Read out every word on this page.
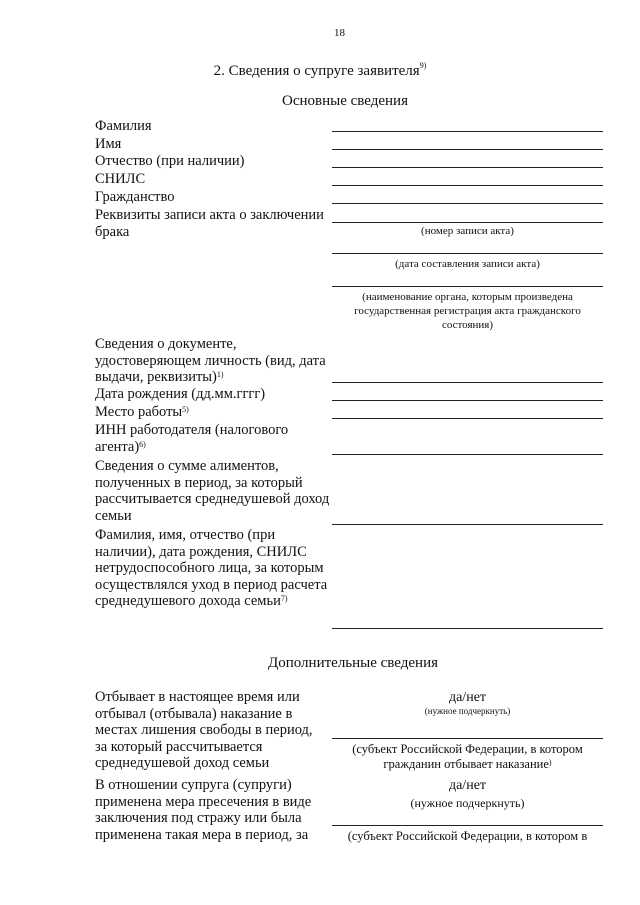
18
2. Сведения о супруге заявителя$^{9)}$
Основные сведения
Фамилия
Имя
Отчество (при наличии)
СНИЛС
Гражданство
Реквизиты записи акта о заключении брака
Сведения о документе, удостоверяющем личность (вид, дата выдачи, реквизиты)$^{1)}$
Дата рождения (дд.мм.гггг)
Место работы$^{5)}$
ИНН работодателя (налогового агента)$^{6)}$
Сведения о сумме алиментов, полученных в период, за который рассчитывается среднедушевой доход семьи
Фамилия, имя, отчество (при наличии), дата рождения, СНИЛС нетрудоспособного лица, за которым осуществлялся уход в период расчета среднедушевого дохода семьи$^{7)}$
(номер записи акта)
(дата составления записи акта)
(наименование органа, которым произведена государственная регистрация акта гражданского состояния)
Дополнительные сведения
Отбывает в настоящее время или отбывал (отбывала) наказание в местах лишения свободы в период, за который рассчитывается среднедушевой доход семьи
да/нет
(нужное подчеркнуть)
(субъект Российской Федерации, в котором гражданин отбывает наказание)
В отношении супруга (супруги) применена мера пресечения в виде заключения под стражу или была применена такая мера в период, за
да/нет
(нужное подчеркнуть)
(субъект Российской Федерации, в котором в
